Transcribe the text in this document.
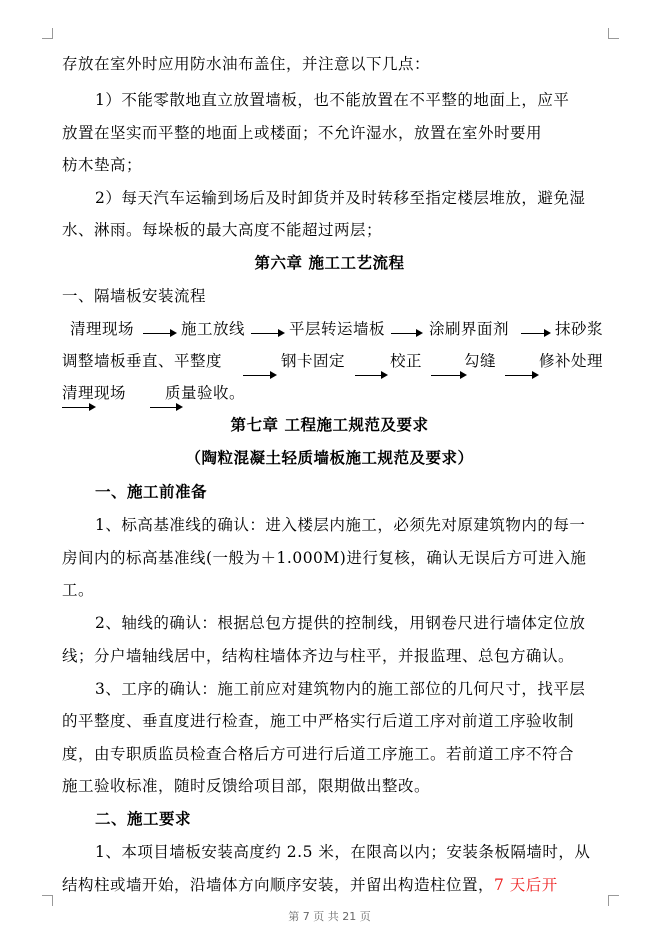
存放在室外时应用防水油布盖住，并注意以下几点：
1）不能零散地直立放置墙板，也不能放置在不平整的地面上，应平
放置在坚实而平整的地面上或楼面；不允许湿水，放置在室外时要用
枋木垫高；
2）每天汽车运输到场后及时卸货并及时转移至指定楼层堆放，避免湿
水、淋雨。每垛板的最大高度不能超过两层；
第六章 施工工艺流程
一、隔墙板安装流程
清理现场	施工放线	平层转运墙板	涂刷界面剂	抹砂浆
调整墙板垂直、平整度	钢卡固定	校正	勾缝	修补处理
清理现场	质量验收。
第七章 工程施工规范及要求
（陶粒混凝土轻质墙板施工规范及要求）
一、施工前准备
1、标高基准线的确认：进入楼层内施工，必须先对原建筑物内的每一
房间内的标高基准线(一般为＋1.000M)进行复核，确认无误后方可进入施
工。
2、轴线的确认：根据总包方提供的控制线，用钢卷尺进行墙体定位放
线；分户墙轴线居中，结构柱墙体齐边与柱平，并报监理、总包方确认。
3、工序的确认：施工前应对建筑物内的施工部位的几何尺寸，找平层
的平整度、垂直度进行检查，施工中严格实行后道工序对前道工序验收制
度，由专职质监员检查合格后方可进行后道工序施工。若前道工序不符合
施工验收标准，随时反馈给项目部，限期做出整改。
二、施工要求
1、本项目墙板安装高度约 2.5 米，在限高以内；安装条板隔墙时，从
结构柱或墙开始，沿墙体方向顺序安装，并留出构造柱位置，7 天后开
第 7 页 共 21 页
